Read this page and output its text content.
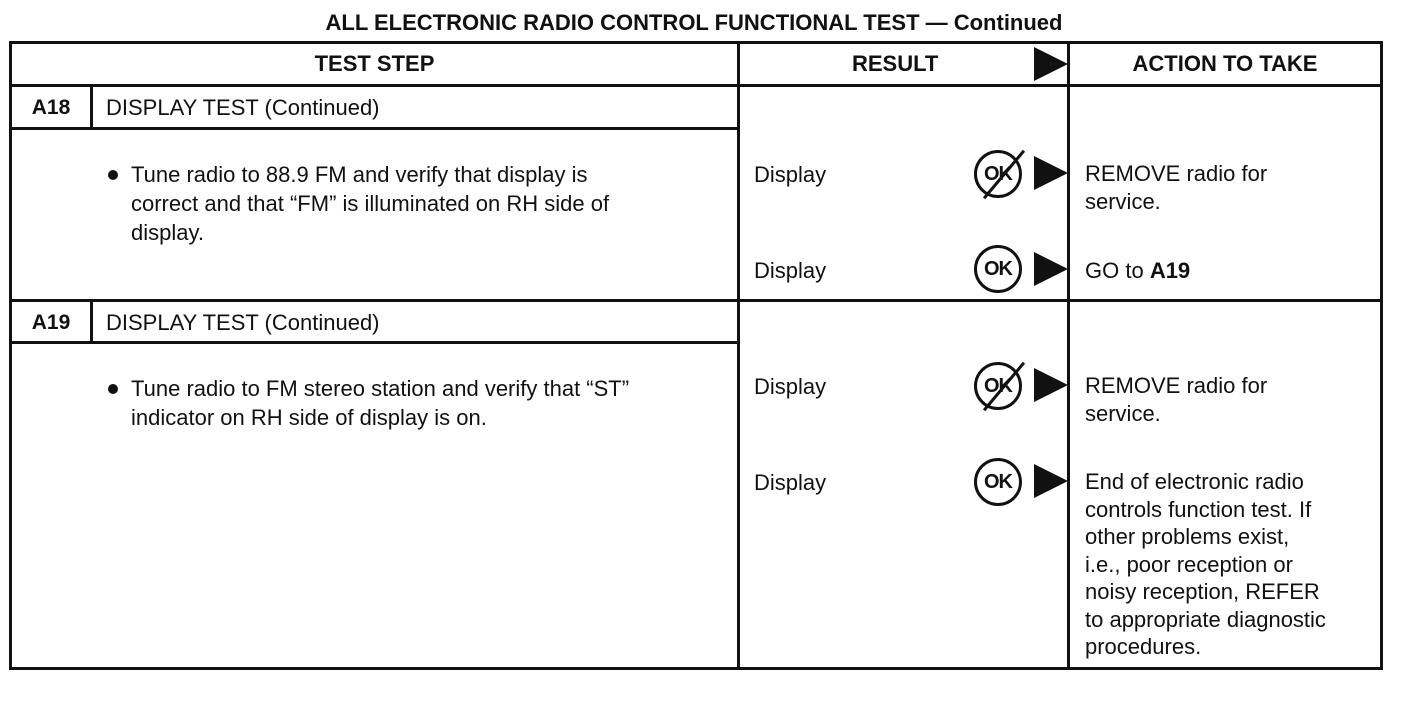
ALL ELECTRONIC RADIO CONTROL FUNCTIONAL TEST — Continued
TEST STEP	RESULT	ACTION TO TAKE
A18	DISPLAY TEST (Continued)
Tune radio to 88.9 FM and verify that display is
correct and that “FM” is illuminated on RH side of
display.
Display	OK	REMOVE radio for
service.
Display	OK	GO to A19
A19	DISPLAY TEST (Continued)
Tune radio to FM stereo station and verify that “ST”
indicator on RH side of display is on.
Display	OK	REMOVE radio for
service.
Display	OK	End of electronic radio
controls function test. If
other problems exist,
i.e., poor reception or
noisy reception, REFER
to appropriate diagnostic
procedures.
